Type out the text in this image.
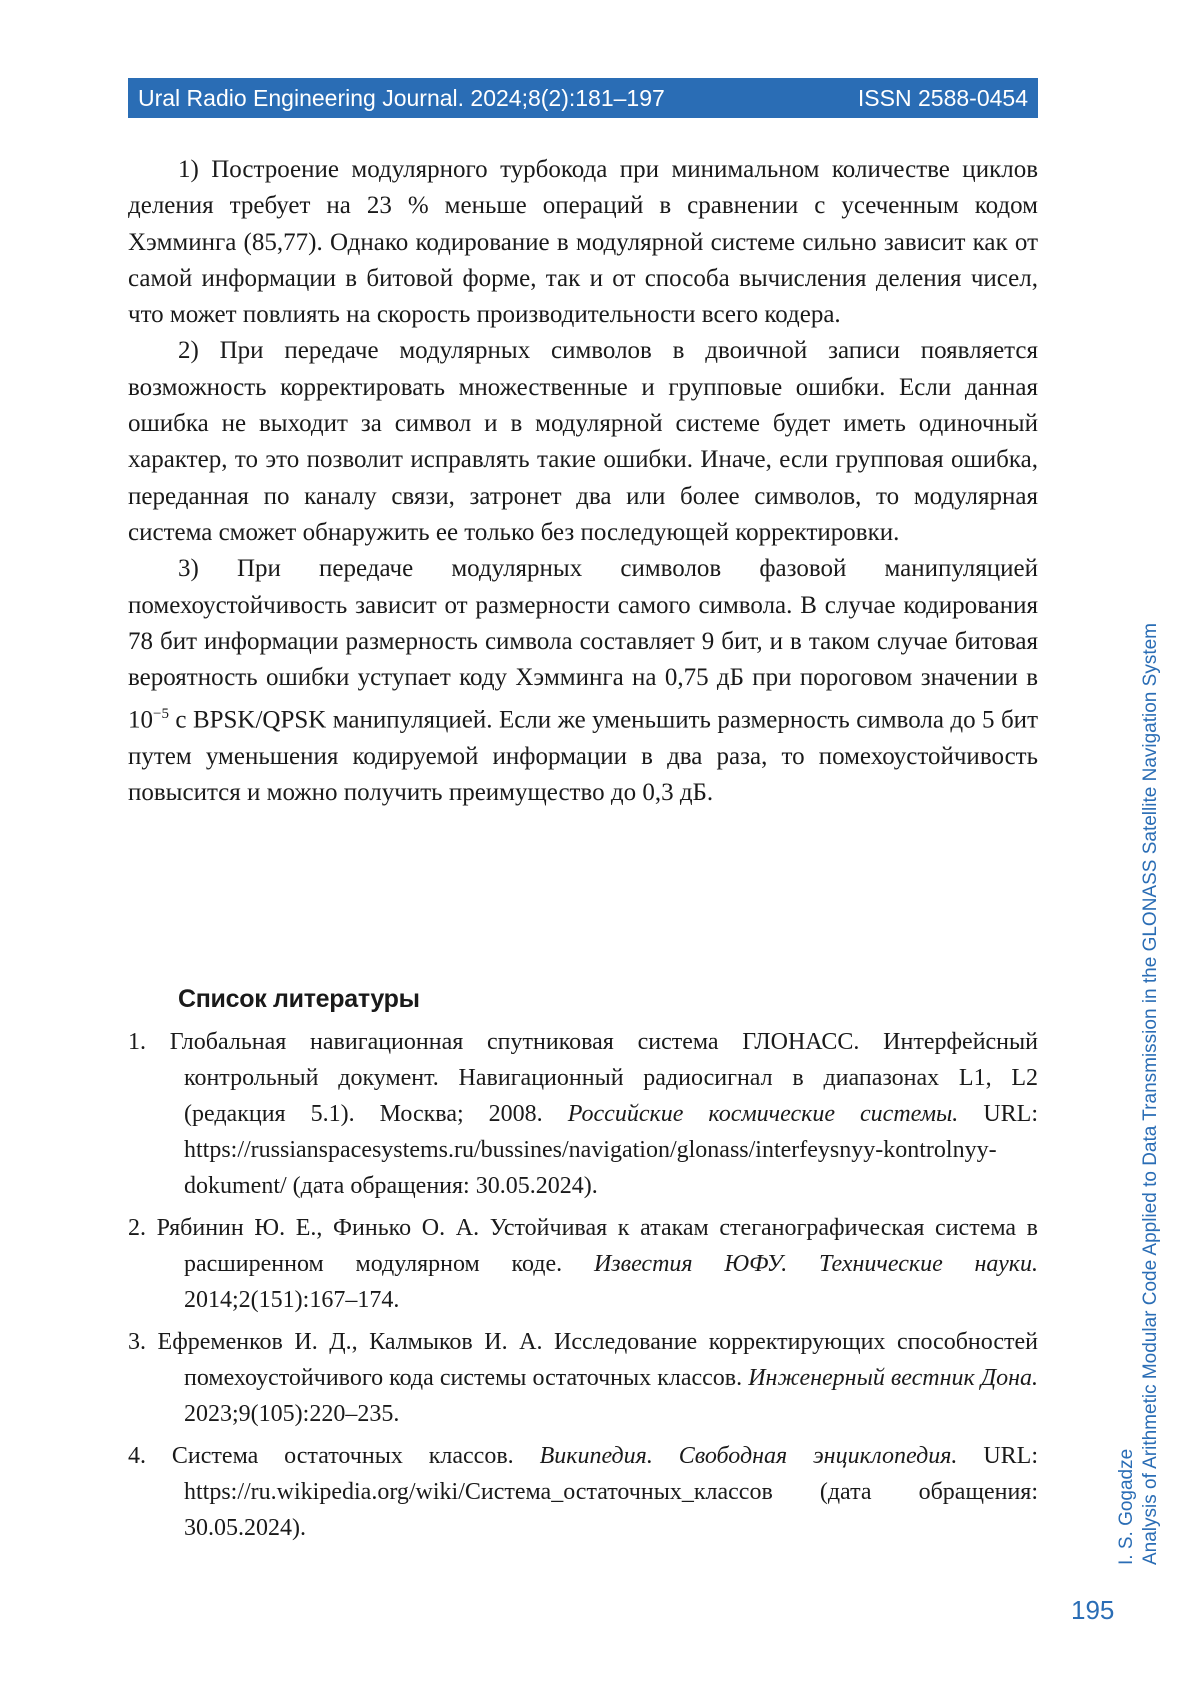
Ural Radio Engineering Journal. 2024;8(2):181–197	ISSN 2588-0454

1) Построение модулярного турбокода при минимальном количестве циклов деления требует на 23 % меньше операций в сравнении с усеченным кодом Хэмминга (85,77). Однако кодирование в модулярной системе сильно зависит как от самой информации в битовой форме, так и от способа вычисления деления чисел, что может повлиять на скорость производительности всего кодера.

2) При передаче модулярных символов в двоичной записи появляется возможность корректировать множественные и групповые ошибки. Если данная ошибка не выходит за символ и в модулярной системе будет иметь одиночный характер, то это позволит исправлять такие ошибки. Иначе, если групповая ошибка, переданная по каналу связи, затронет два или более символов, то модулярная система сможет обнаружить ее только без последующей корректировки.

3) При передаче модулярных символов фазовой манипуляцией помехоустойчивость зависит от размерности самого символа. В случае кодирования 78 бит информации размерность символа составляет 9 бит, и в таком случае битовая вероятность ошибки уступает коду Хэмминга на 0,75 дБ при пороговом значении в $10^{-5}$ с BPSK/QPSK манипуляцией. Если же уменьшить размерность символа до 5 бит путем уменьшения кодируемой информации в два раза, то помехоустойчивость повысится и можно получить преимущество до 0,3 дБ.

Список литературы
1. Глобальная навигационная спутниковая система ГЛОНАСС. Интерфейсный контрольный документ. Навигационный радиосигнал в диапазонах L1, L2 (редакция 5.1). Москва; 2008. Российские космические системы. URL: https://russianspacesystems.ru/bussines/navigation/glonass/interfeysnyy-kontrolnyy-dokument/ (дата обращения: 30.05.2024).
2. Рябинин Ю. Е., Финько О. А. Устойчивая к атакам стеганографическая система в расширенном модулярном коде. Известия ЮФУ. Технические науки. 2014;2(151):167–174.
3. Ефременков И. Д., Калмыков И. А. Исследование корректирующих способностей помехоустойчивого кода системы остаточных классов. Инженерный вестник Дона. 2023;9(105):220–235.
4. Система остаточных классов. Википедия. Свободная энциклопедия. URL: https://ru.wikipedia.org/wiki/Система_остаточных_классов (дата обращения: 30.05.2024).	I. S. Gogadze Analysis of Arithmetic Modular Code Applied to Data Transmission in the GLONASS Satellite Navigation System
195
